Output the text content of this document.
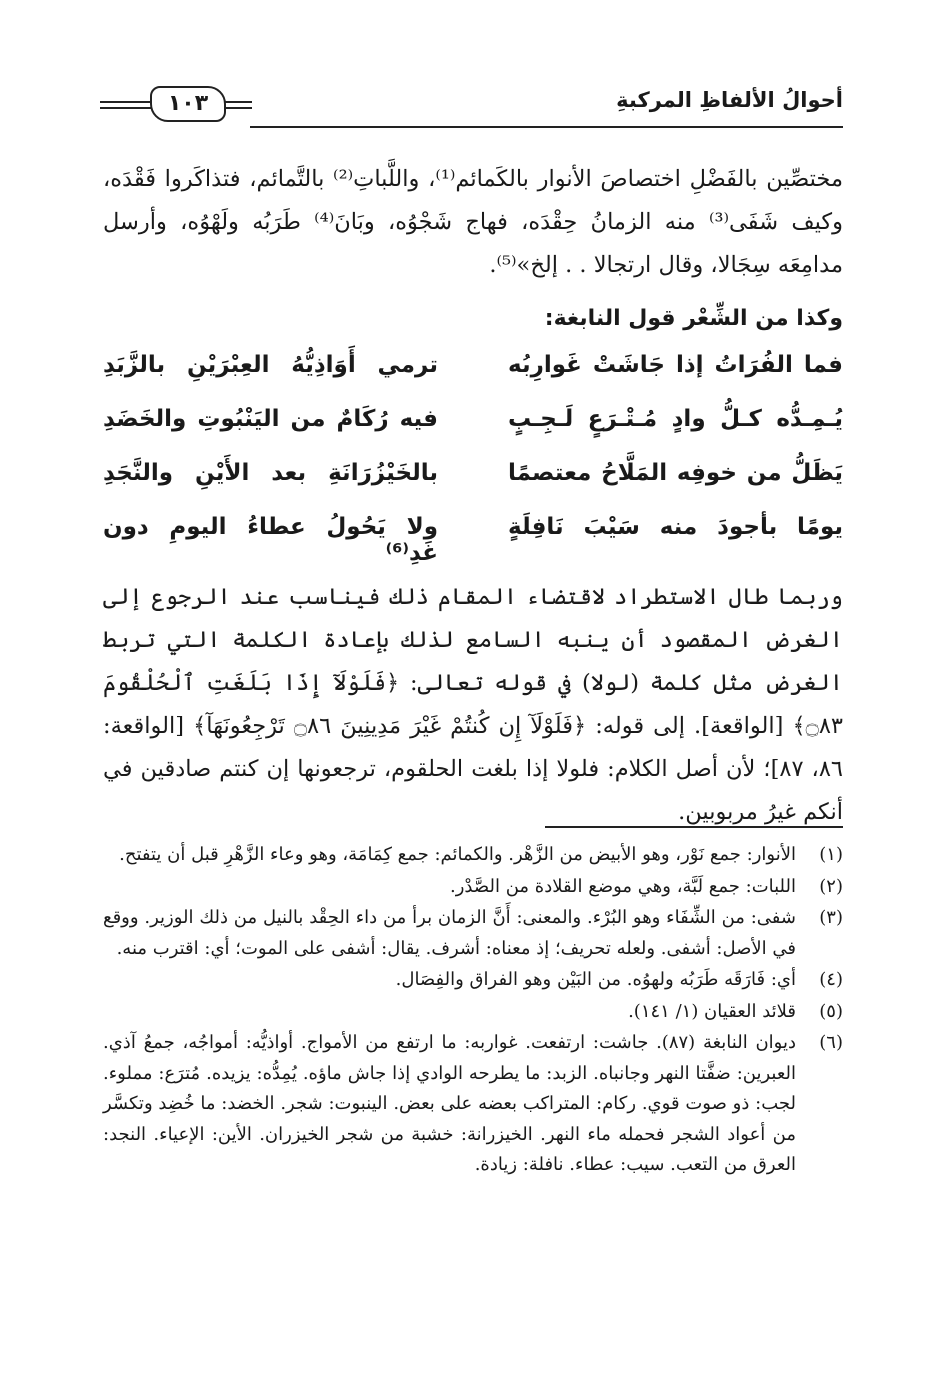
أحوالُ الألفاظِ المركبةِ
١٠٣
مختصِّين بالفَضْلِ اختصاصَ الأنوار بالكَمائم⁽¹⁾، واللَّباتِ⁽²⁾ بالتَّمائم، فتذاكَروا فَقْدَه، وكيف شَفَى⁽³⁾ منه الزمانُ حِقْدَه، فهاج شَجْوُه، وبَانَ⁽⁴⁾ طَرَبُه ولَهْوُه، وأرسل مدامِعَه سِجَالا، وقال ارتجالا . . إلخ»⁽⁵⁾.
وكذا من الشِّعْر قول النابغة:
فما الفُرَاتُ إذا جَاشَتْ غَوارِبُه
ترمي أَوَاذِيُّهُ العِبْرَيْنِ بالزَّبَدِ
يُـمِـدُّه كـلُّ وادٍ مُـتْـرَعٍ لَـجِـبٍ
فيه رُكَامٌ من اليَنْبُوتِ والخَضَدِ
يَظَلُّ من خوفِه المَلَّاحُ معتصمًا
بالخَيْزُرَانَةِ بعد الأَيْنِ والنَّجَدِ
يومًا بأجودَ منه سَيْبَ نَافِلَةٍ
ولا يَحُولُ عطاءُ اليومِ دون غَدِ⁽⁶⁾
وربما طال الاستطراد لاقتضاء المقام ذلك فيناسب عند الرجوع إلى الغرض المقصود أن ينبه السامع لذلك بإعادة الكلمة التي تربط الغرض مثل كلمة (لولا) في قوله تعالى: ﴿فَلَوْلَآ إِذَا بَلَغَتِ ٱلْحُلْقُومَ ۝٨٣﴾ [الواقعة]. إلى قوله: ﴿فَلَوْلَآ إِن كُنتُمْ غَيْرَ مَدِينِينَ ۝٨٦ تَرْجِعُونَهَآ﴾ [الواقعة: ٨٦، ٨٧]؛ لأن أصل الكلام: فلولا إذا بلغت الحلقوم، ترجعونها إن كنتم صادقين في أنكم غيرُ مربوبين.
(١)
الأنوار: جمع نَوْر، وهو الأبيض من الزَّهْر. والكمائم: جمع كِمَامَة، وهو وعاء الزَّهْرِ قبل أن يتفتح.
(٢)
اللبات: جمع لَبَّة، وهي موضع القلادة من الصَّدْر.
(٣)
شفى: من الشِّفَاء وهو البُرْء. والمعنى: أَنَّ الزمان برأ من داء الحِقْد بالنيل من ذلك الوزير. ووقع في الأصل: أشفى. ولعله تحريف؛ إذ معناه: أشرف. يقال: أشفى على الموت؛ أي: اقترب منه.
(٤)
أي: فَارَقَه طَرَبُه ولهوُه. من البَيْن وهو الفراق والفِصَال.
(٥)
قلائد العقيان (١/ ١٤١).
(٦)
ديوان النابغة (٨٧). جاشت: ارتفعت. غواربه: ما ارتفع من الأمواج. أواذيُّه: أمواجُه، جمعُ آذي. العبرين: ضفَّتا النهر وجانباه. الزبد: ما يطرحه الوادي إذا جاش ماؤه. يُمِدُّه: يزيده. مُترَع: مملوء. لجب: ذو صوت قوي. ركام: المتراكب بعضه على بعض. الينبوت: شجر. الخضد: ما خُضِد وتكسَّر من أعواد الشجر فحمله ماء النهر. الخيزرانة: خشبة من شجر الخيزران. الأين: الإعياء. النجد: العرق من التعب. سيب: عطاء. نافلة: زيادة.
